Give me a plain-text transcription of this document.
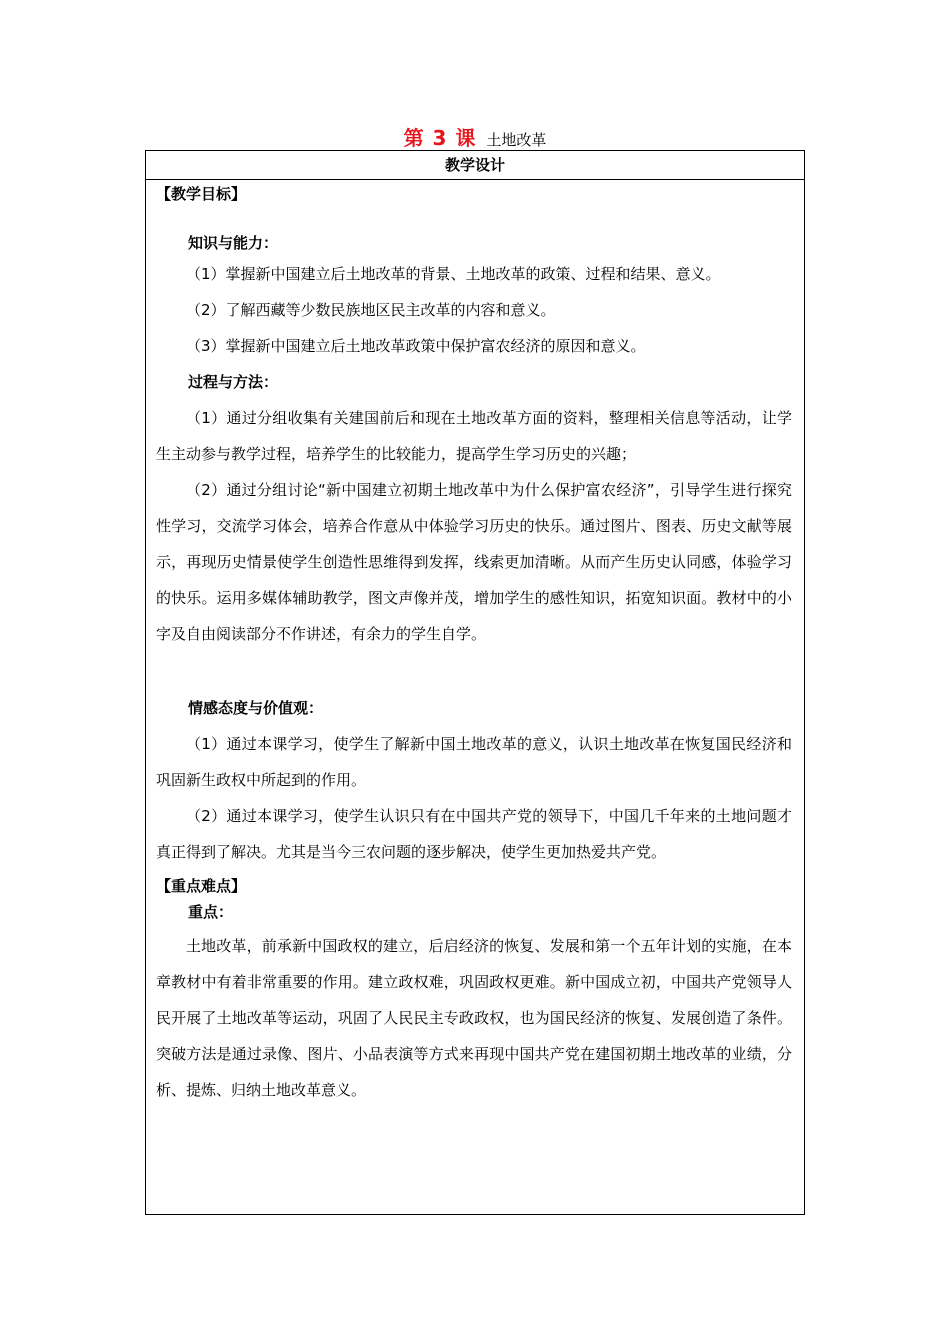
第 3 课 土地改革
教学设计

【教学目标】

知识与能力：

（1）掌握新中国建立后土地改革的背景、土地改革的政策、过程和结果、意义。

（2）了解西藏等少数民族地区民主改革的内容和意义。

（3）掌握新中国建立后土地改革政策中保护富农经济的原因和意义。

过程与方法：

（1）通过分组收集有关建国前后和现在土地改革方面的资料，整理相关信息等活动，让学生主动参与教学过程，培养学生的比较能力，提高学生学习历史的兴趣；

（2）通过分组讨论“新中国建立初期土地改革中为什么保护富农经济”，引导学生进行探究性学习，交流学习体会，培养合作意从中体验学习历史的快乐。通过图片、图表、历史文献等展示，再现历史情景使学生创造性思维得到发挥，线索更加清晰。从而产生历史认同感，体验学习的快乐。运用多媒体辅助教学，图文声像并茂，增加学生的感性知识，拓宽知识面。教材中的小字及自由阅读部分不作讲述，有余力的学生自学。

情感态度与价值观：

（1）通过本课学习，使学生了解新中国土地改革的意义，认识土地改革在恢复国民经济和巩固新生政权中所起到的作用。

（2）通过本课学习，使学生认识只有在中国共产党的领导下，中国几千年来的土地问题才真正得到了解决。尤其是当今三农问题的逐步解决，使学生更加热爱共产党。

【重点难点】

重点：

土地改革，前承新中国政权的建立，后启经济的恢复、发展和第一个五年计划的实施，在本章教材中有着非常重要的作用。建立政权难，巩固政权更难。新中国成立初，中国共产党领导人民开展了土地改革等运动，巩固了人民民主专政政权，也为国民经济的恢复、发展创造了条件。突破方法是通过录像、图片、小品表演等方式来再现中国共产党在建国初期土地改革的业绩，分析、提炼、归纳土地改革意义。
